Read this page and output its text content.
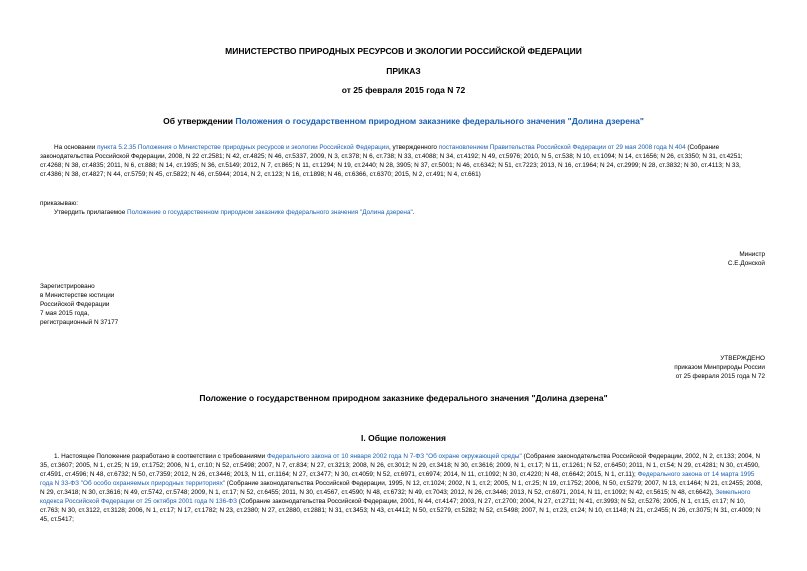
МИНИСТЕРСТВО ПРИРОДНЫХ РЕСУРСОВ И ЭКОЛОГИИ РОССИЙСКОЙ ФЕДЕРАЦИИ
ПРИКАЗ
от 25 февраля 2015 года N 72
Об утверждении Положения о государственном природном заказнике федерального значения "Долина дзерена"
На основании пункта 5.2.35 Положения о Министерстве природных ресурсов и экологии Российской Федерации, утвержденного постановлением Правительства Российской Федерации от 29 мая 2008 года N 404 (Собрание законодательства Российской Федерации, 2008, N 22 ст.2581; N 42, ст.4825; N 46, ст.5337, 2009, N 3, ст.378; N 6, ст.738; N 33, ст.4088; N 34, ст.4192; N 49, ст.5976; 2010, N 5, ст.538; N 10, ст.1094; N 14, ст.1656; N 26, ст.3350; N 31, ст.4251; ст.4268; N 38, ст.4835; 2011, N 6, ст.888; N 14, ст.1935; N 36, ст.5149; 2012, N 7, ст.865; N 11, ст.1294; N 19, ст.2440; N 28, 3905; N 37, ст.5001; N 46, ст.6342; N 51, ст.7223; 2013, N 16, ст.1964; N 24, ст.2999; N 28, ст.3832; N 30, ст.4113; N 33, ст.4386; N 38, ст.4827; N 44, ст.5759; N 45, ст.5822; N 46, ст.5944; 2014, N 2, ст.123; N 16, ст.1898; N 46, ст.6366, ст.6370; 2015, N 2, ст.491; N 4, ст.661)
приказываю:
Утвердить прилагаемое Положение о государственном природном заказнике федерального значения "Долина дзерена".
Министр
С.Е.Донской
Зарегистрировано
в Министерстве юстиции
Российской Федерации
7 мая 2015 года,
регистрационный N 37177
УТВЕРЖДЕНО
приказом Минприроды России
от 25 февраля 2015 года N 72
Положение о государственном природном заказнике федерального значения "Долина дзерена"
I. Общие положения
1. Настоящее Положение разработано в соответствии с требованиями Федерального закона от 10 января 2002 года N 7-ФЗ "Об охране окружающей среды" (Собрание законодательства Российской Федерации, 2002, N 2, ст.133; 2004, N 35, ст.3607; 2005, N 1, ст.25; N 19, ст.1752; 2006, N 1, ст.10; N 52, ст.5498; 2007, N 7, ст.834; N 27, ст.3213; 2008, N 26, ст.3012; N 29, ст.3418; N 30, ст.3616; 2009, N 1, ст.17; N 11, ст.1261; N 52, ст.6450; 2011, N 1, ст.54; N 29, ст.4281; N 30, ст.4590, ст.4591, ст.4596; N 48, ст.6732; N 50, ст.7359; 2012, N 26, ст.3446; 2013, N 11, ст.1164; N 27, ст.3477; N 30, ст.4059; N 52, ст.6971, ст.6974; 2014, N 11, ст.1092; N 30, ст.4220; N 48, ст.6642; 2015, N 1, ст.11); Федерального закона от 14 марта 1995 года N 33-ФЗ "Об особо охраняемых природных территориях" (Собрание законодательства Российской Федерации, 1995, N 12, ст.1024; 2002, N 1, ст.2; 2005, N 1, ст.25; N 19, ст.1752; 2006, N 50, ст.5279; 2007, N 13, ст.1464; N 21, ст.2455; 2008, N 29, ст.3418; N 30, ст.3616; N 49, ст.5742, ст.5748; 2009, N 1, ст.17; N 52, ст.6455; 2011, N 30, ст.4567, ст.4590; N 48, ст.6732; N 49, ст.7043; 2012, N 26, ст.3446; 2013, N 52, ст.6971, 2014, N 11, ст.1092; N 42, ст.5615; N 48, ст.6642), Земельного кодекса Российской Федерации от 25 октября 2001 года N 136-ФЗ (Собрание законодательства Российской Федерации, 2001, N 44, ст.4147; 2003, N 27, ст.2700; 2004, N 27, ст.2711; N 41, ст.3993; N 52, ст.5276; 2005, N 1, ст.15, ст.17; N 10, ст.763; N 30, ст.3122, ст.3128; 2006, N 1, ст.17; N 17, ст.1782; N 23, ст.2380; N 27, ст.2880, ст.2881; N 31, ст.3453; N 43, ст.4412; N 50, ст.5279, ст.5282; N 52, ст.5498; 2007, N 1, ст.23, ст.24; N 10, ст.1148; N 21, ст.2455; N 26, ст.3075; N 31, ст.4009; N 45, ст.5417;
